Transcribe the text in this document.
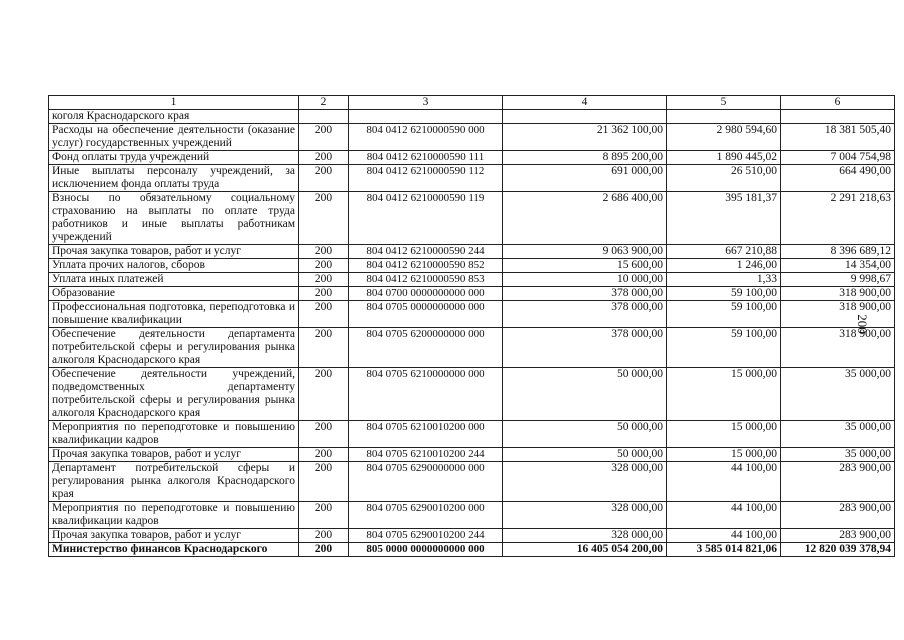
1	2	3	4	5	6
коголя Краснодарского края					
Расходы на обеспечение деятельности (оказание услуг) государственных учреждений	200	804 0412 6210000590 000	21 362 100,00	2 980 594,60	18 381 505,40
Фонд оплаты труда учреждений	200	804 0412 6210000590 111	8 895 200,00	1 890 445,02	7 004 754,98
Иные выплаты персоналу учреждений, за исключением фонда оплаты труда	200	804 0412 6210000590 112	691 000,00	26 510,00	664 490,00
Взносы по обязательному социальному страхованию на выплаты по оплате труда работников и иные выплаты работникам учреждений	200	804 0412 6210000590 119	2 686 400,00	395 181,37	2 291 218,63
Прочая закупка товаров, работ и услуг	200	804 0412 6210000590 244	9 063 900,00	667 210,88	8 396 689,12
Уплата прочих налогов, сборов	200	804 0412 6210000590 852	15 600,00	1 246,00	14 354,00
Уплата иных платежей	200	804 0412 6210000590 853	10 000,00	1,33	9 998,67
Образование	200	804 0700 0000000000 000	378 000,00	59 100,00	318 900,00
Профессиональная подготовка, переподготовка и повышение квалификации	200	804 0705 0000000000 000	378 000,00	59 100,00	318 900,00
Обеспечение деятельности департамента потребительской сферы и регулирования рынка алкоголя Краснодарского края	200	804 0705 6200000000 000	378 000,00	59 100,00	318 900,00
Обеспечение деятельности учреждений, подведомственных департаменту потребительской сферы и регулирования рынка алкоголя Краснодарского края	200	804 0705 6210000000 000	50 000,00	15 000,00	35 000,00
Мероприятия по переподготовке и повышению квалификации кадров	200	804 0705 6210010200 000	50 000,00	15 000,00	35 000,00
Прочая закупка товаров, работ и услуг	200	804 0705 6210010200 244	50 000,00	15 000,00	35 000,00
Департамент потребительской сферы и регулирования рынка алкоголя Краснодарского края	200	804 0705 6290000000 000	328 000,00	44 100,00	283 900,00
Мероприятия по переподготовке и повышению квалификации кадров	200	804 0705 6290010200 000	328 000,00	44 100,00	283 900,00
Прочая закупка товаров, работ и услуг	200	804 0705 6290010200 244	328 000,00	44 100,00	283 900,00
Министерство финансов Краснодарского	200	805 0000 0000000000 000	16 405 054 200,00	3 585 014 821,06	12 820 039 378,94
200
